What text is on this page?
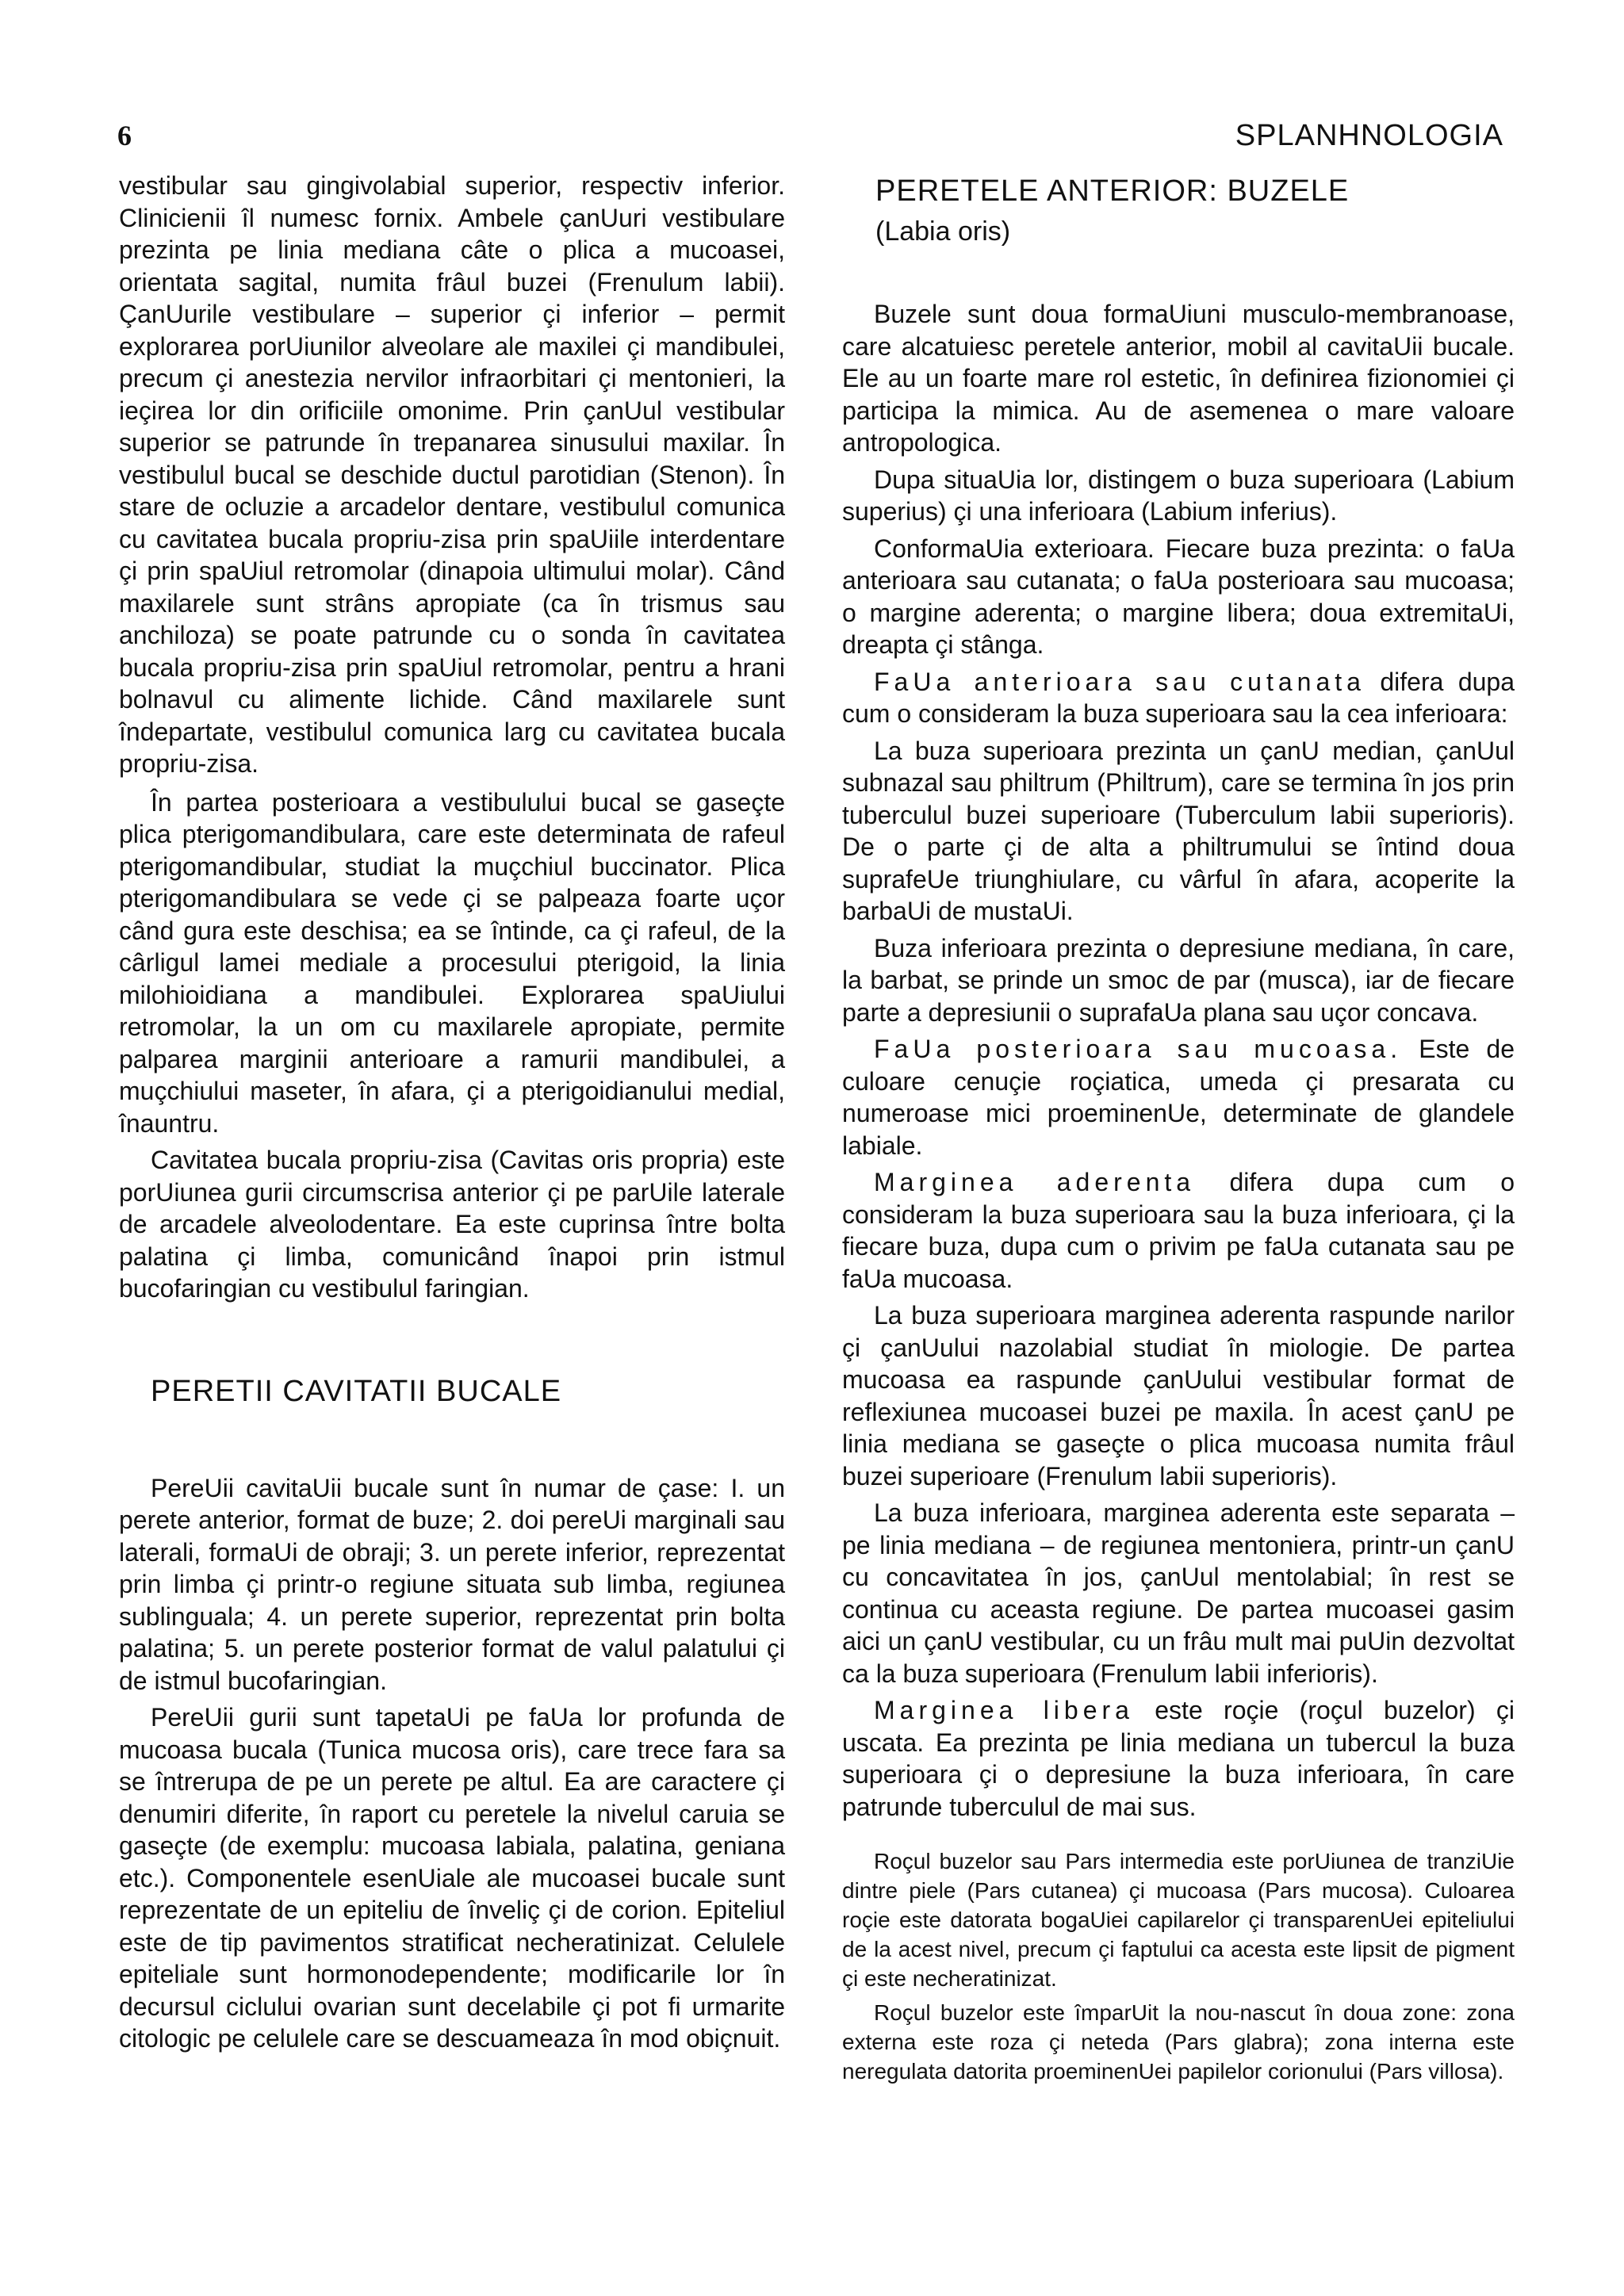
6	SPLANHNOLOGIA

vestibular sau gingivolabial superior, respectiv inferior. Clinicienii îl numesc fornix. Ambele çanUuri vestibulare prezinta pe linia mediana câte o plica a mucoasei, orientata sagital, numita frâul buzei (Frenulum labii). ÇanUurile vestibulare – superior çi inferior – permit explorarea porUiunilor alveolare ale maxilei çi mandibulei, precum çi anestezia nervilor infraorbitari çi mentonieri, la ieçirea lor din orificiile omonime. Prin çanUul vestibular superior se patrunde în trepanarea sinusului maxilar. În vestibulul bucal se deschide ductul parotidian (Stenon). În stare de ocluzie a arcadelor dentare, vestibulul comunica cu cavitatea bucala propriu-zisa prin spaUiile interdentare çi prin spaUiul retromolar (dinapoia ultimului molar). Când maxilarele sunt strâns apropiate (ca în trismus sau anchiloza) se poate patrunde cu o sonda în cavitatea bucala propriu-zisa prin spaUiul retromolar, pentru a hrani bolnavul cu alimente lichide. Când maxilarele sunt îndepartate, vestibulul comunica larg cu cavitatea bucala propriu-zisa.

În partea posterioara a vestibulului bucal se gaseçte plica pterigomandibulara, care este determinata de rafeul pterigomandibular, studiat la muçchiul buccinator. Plica pterigomandibulara se vede çi se palpeaza foarte uçor când gura este deschisa; ea se întinde, ca çi rafeul, de la cârligul lamei mediale a procesului pterigoid, la linia milohioidiana a mandibulei. Explorarea spaUiului retromolar, la un om cu maxilarele apropiate, permite palparea marginii anterioare a ramurii mandibulei, a muçchiului maseter, în afara, çi a pterigoidianului medial, înauntru.

Cavitatea bucala propriu-zisa (Cavitas oris propria) este porUiunea gurii circumscrisa anterior çi pe parUile laterale de arcadele alveolodentare. Ea este cuprinsa între bolta palatina çi limba, comunicând înapoi prin istmul bucofaringian cu vestibulul faringian.

PERETII CAVITATII BUCALE

PereUii cavitaUii bucale sunt în numar de çase: I. un perete anterior, format de buze; 2. doi pereUi marginali sau laterali, formaUi de obraji; 3. un perete inferior, reprezentat prin limba çi printr-o regiune situata sub limba, regiunea sublinguala; 4. un perete superior, reprezentat prin bolta palatina; 5. un perete posterior format de valul palatului çi de istmul bucofaringian.

PereUii gurii sunt tapetaUi pe faUa lor profunda de mucoasa bucala (Tunica mucosa oris), care trece fara sa se întrerupa de pe un perete pe altul. Ea are caractere çi denumiri diferite, în raport cu peretele la nivelul caruia se gaseçte (de exemplu: mucoasa labiala, palatina, geniana etc.). Componentele esenUiale ale mucoasei bucale sunt reprezentate de un epiteliu de înveliç çi de corion. Epiteliul este de tip pavimentos stratificat necheratinizat. Celulele epiteliale sunt hormonodependente; modificarile lor în decursul ciclului ovarian sunt decelabile çi pot fi urmarite citologic pe celulele care se descuameaza în mod obiçnuit.

PERETELE ANTERIOR: BUZELE
(Labia oris)

Buzele sunt doua formaUiuni musculo-membranoase, care alcatuiesc peretele anterior, mobil al cavitaUii bucale. Ele au un foarte mare rol estetic, în definirea fizionomiei çi participa la mimica. Au de asemenea o mare valoare antropologica.

Dupa situaUia lor, distingem o buza superioara (Labium superius) çi una inferioara (Labium inferius).

ConformaUia exterioara. Fiecare buza prezinta: o faUa anterioara sau cutanata; o faUa posterioara sau mucoasa; o margine aderenta; o margine libera; doua extremitaUi, dreapta çi stânga.

FaUa anterioara sau cutanata difera dupa cum o consideram la buza superioara sau la cea inferioara:

La buza superioara prezinta un çanU median, çanUul subnazal sau philtrum (Philtrum), care se termina în jos prin tuberculul buzei superioare (Tuberculum labii superioris). De o parte çi de alta a philtrumului se întind doua suprafeUe triunghiulare, cu vârful în afara, acoperite la barbaUi de mustaUi.

Buza inferioara prezinta o depresiune mediana, în care, la barbat, se prinde un smoc de par (musca), iar de fiecare parte a depresiunii o suprafaUa plana sau uçor concava.

FaUa posterioara sau mucoasa. Este de culoare cenuçie roçiatica, umeda çi presarata cu numeroase mici proeminenUe, determinate de glandele labiale.

Marginea aderenta difera dupa cum o consideram la buza superioara sau la buza inferioara, çi la fiecare buza, dupa cum o privim pe faUa cutanata sau pe faUa mucoasa.

La buza superioara marginea aderenta raspunde narilor çi çanUului nazolabial studiat în miologie. De partea mucoasa ea raspunde çanUului vestibular format de reflexiunea mucoasei buzei pe maxila. În acest çanU pe linia mediana se gaseçte o plica mucoasa numita frâul buzei superioare (Frenulum labii superioris).

La buza inferioara, marginea aderenta este separata – pe linia mediana – de regiunea mentoniera, printr-un çanU cu concavitatea în jos, çanUul mentolabial; în rest se continua cu aceasta regiune. De partea mucoasei gasim aici un çanU vestibular, cu un frâu mult mai puUin dezvoltat ca la buza superioara (Frenulum labii inferioris).

Marginea libera este roçie (roçul buzelor) çi uscata. Ea prezinta pe linia mediana un tubercul la buza superioara çi o depresiune la buza inferioara, în care patrunde tuberculul de mai sus.

Roçul buzelor sau Pars intermedia este porUiunea de tranziUie dintre piele (Pars cutanea) çi mucoasa (Pars mucosa). Culoarea roçie este datorata bogaUiei capilarelor çi transparenUei epiteliului de la acest nivel, precum çi faptului ca acesta este lipsit de pigment çi este necheratinizat.

Roçul buzelor este împarUit la nou-nascut în doua zone: zona externa este roza çi neteda (Pars glabra); zona interna este neregulata datorita proeminenUei papilelor corionului (Pars villosa).
